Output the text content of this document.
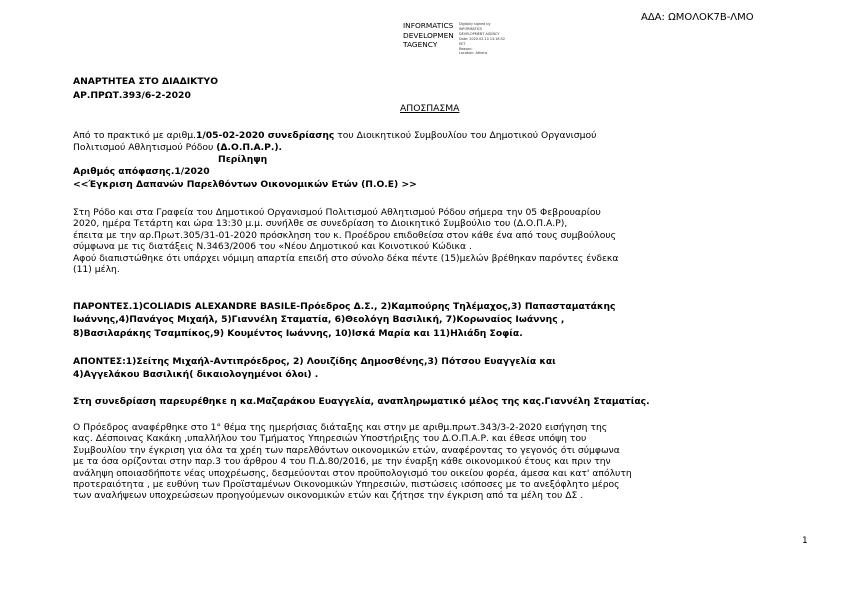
ΑΔΑ: ΩΜΟΛΟΚ7Β-ΛΜΟ
INFORMATICS
DEVELOPMEN
TAGENCY
Digitally signed by
INFORMATICS
DEVELOPMENT AGENCY
Date: 2020.02.10 13:18:52
EET
Reason:
Location: Athens
ΑΝΑΡΤΗΤΕΑ ΣΤΟ ΔΙΑΔΙΚΤΥΟ
ΑΡ.ΠΡΩΤ.393/6-2-2020
ΑΠΟΣΠΑΣΜΑ
Από το πρακτικό με αριθμ.1/05-02-2020 συνεδρίασης του Διοικητικού Συμβουλίου του Δημοτικού Οργανισμού
Πολιτισμού Αθλητισμού Ρόδου (Δ.Ο.Π.Α.Ρ.).
Περίληψη
Αριθμός απόφασης.1/2020
<<Έγκριση Δαπανών Παρελθόντων Οικονομικών Ετών (Π.Ο.Ε) >>
Στη Ρόδο και στα Γραφεία του Δημοτικού Οργανισμού Πολιτισμού Αθλητισμού Ρόδου σήμερα την 05 Φεβρουαρίου
2020, ημέρα Τετάρτη και ώρα 13:30 μ.μ. συνήλθε σε συνεδρίαση το Διοικητικό Συμβούλιο του (Δ.Ο.Π.Α.Ρ),
έπειτα με την αρ.Πρωτ.305/31-01-2020 πρόσκληση του κ. Προέδρου επιδοθείσα στον κάθε ένα από τους συμβούλους
σύμφωνα με τις διατάξεις Ν.3463/2006 του «Νέου Δημοτικού και Κοινοτικού Κώδικα .
Αφού διαπιστώθηκε ότι υπάρχει νόμιμη απαρτία επειδή στο σύνολο δέκα πέντε (15)μελών βρέθηκαν παρόντες ένδεκα
(11) μέλη.
ΠΑΡΟΝΤΕΣ.1)COLIADIS ALEXANDRE BASILE-Πρόεδρος Δ.Σ., 2)Καμπούρης Τηλέμαχος,3) Παπασταματάκης
Ιωάννης,4)Πανάγος Μιχαήλ, 5)Γιαννέλη Σταματία, 6)Θεολόγη Βασιλική, 7)Κορωναίος Ιωάννης ,
8)Βασιλαράκης Τσαμπίκος,9) Κουμέντος Ιωάννης, 10)Ισκά Μαρία και 11)Ηλιάδη Σοφία.
ΑΠΟΝΤΕΣ:1)Σείτης Μιχαήλ-Αντιπρόεδρος, 2) Λουιζίδης Δημοσθένης,3) Πότσου Ευαγγελία και
4)Αγγελάκου Βασιλική( δικαιολογημένοι όλοι) .
Στη συνεδρίαση παρευρέθηκε η κα.Μαζαράκου Ευαγγελία, αναπληρωματικό μέλος της κας.Γιαννέλη Σταματίας.
Ο Πρόεδρος αναφέρθηκε στο 1° θέμα της ημερήσιας διάταξης και στην με αριθμ.πρωτ.343/3-2-2020 εισήγηση της
κας. Δέσποινας Κακάκη ,υπαλλήλου του Τμήματος Υπηρεσιών Υποστήριξης του Δ.Ο.Π.Α.Ρ. και έθεσε υπόψη του
Συμβουλίου την έγκριση για όλα τα χρέη των παρελθόντων οικονομικών ετών, αναφέροντας το γεγονός ότι σύμφωνα
με τα όσα ορίζονται στην παρ.3 του άρθρου 4 του Π.Δ.80/2016, με την έναρξη κάθε οικονομικού έτους και πριν την
ανάληψη οποιασδήποτε νέας υποχρέωσης, δεσμεύονται στον προϋπολογισμό του οικείου φορέα, άμεσα και κατ' απόλυτη
προτεραιότητα , με ευθύνη των Προϊσταμένων Οικονομικών Υπηρεσιών, πιστώσεις ισόποσες με το ανεξόφλητο μέρος
των αναλήψεων υποχρεώσεων προηγούμενων οικονομικών ετών και ζήτησε την έγκριση από τα μέλη του ΔΣ .
1
